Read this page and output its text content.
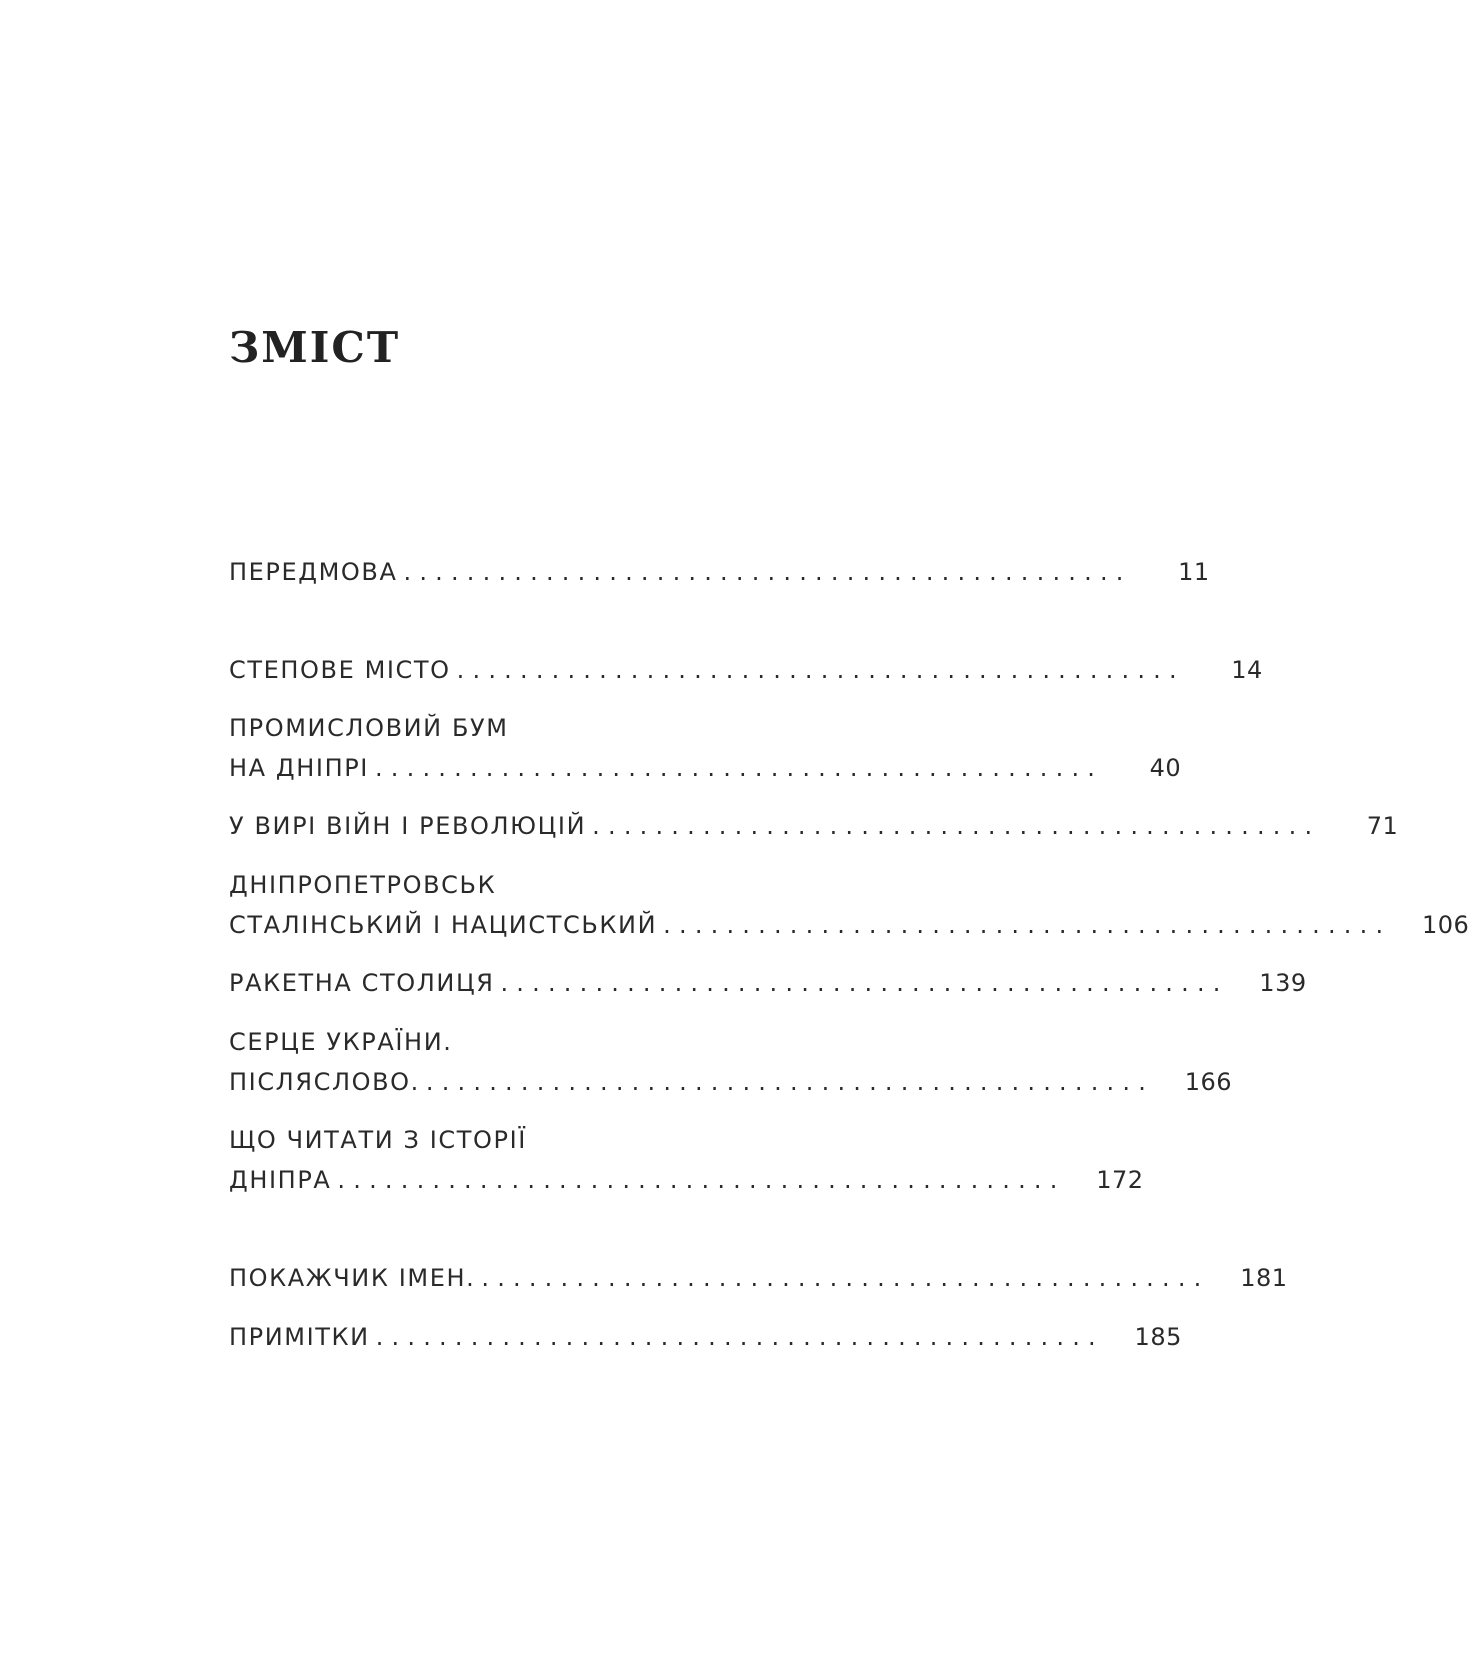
ЗМІСТ
ПЕРЕДМОВА ..............................................	11
СТЕПОВЕ МІСТО ..............................................	14
ПРОМИСЛОВИЙ БУМ
НА ДНІПРІ ..............................................	40
У ВИРІ ВІЙН І РЕВОЛЮЦІЙ ..............................................	71
ДНІПРОПЕТРОВСЬК
СТАЛІНСЬКИЙ І НАЦИСТСЬКИЙ ..............................................	106
РАКЕТНА СТОЛИЦЯ ..............................................	139
СЕРЦЕ УКРАЇНИ.
ПІСЛЯСЛОВО. ..............................................	166
ЩО ЧИТАТИ З ІСТОРІЇ
ДНІПРА ..............................................	172
ПОКАЖЧИК ІМЕН. ..............................................	181
ПРИМІТКИ ..............................................	185
